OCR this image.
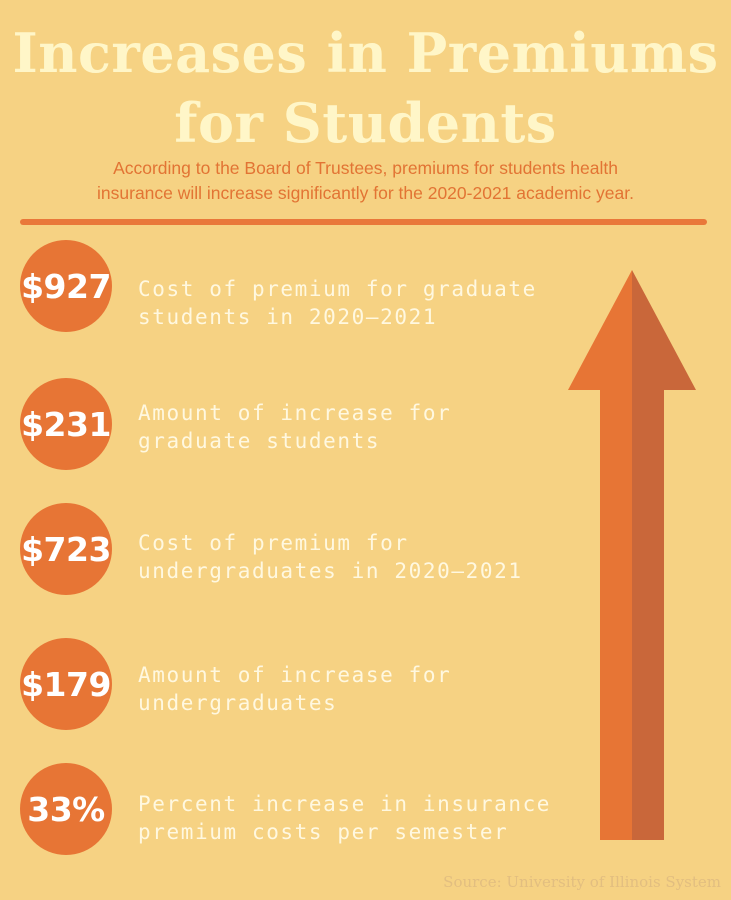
Increases in Premiums
for Students
According to the Board of Trustees, premiums for students health
insurance will increase significantly for the 2020-2021 academic year.
$927 Cost of premium for graduate
students in 2020–2021
$231 Amount of increase for
graduate students
$723 Cost of premium for
undergraduates in 2020–2021
$179 Amount of increase for
undergraduates
33%	Percent increase in insurance
premium costs per semester
Source: University of Illinois System
